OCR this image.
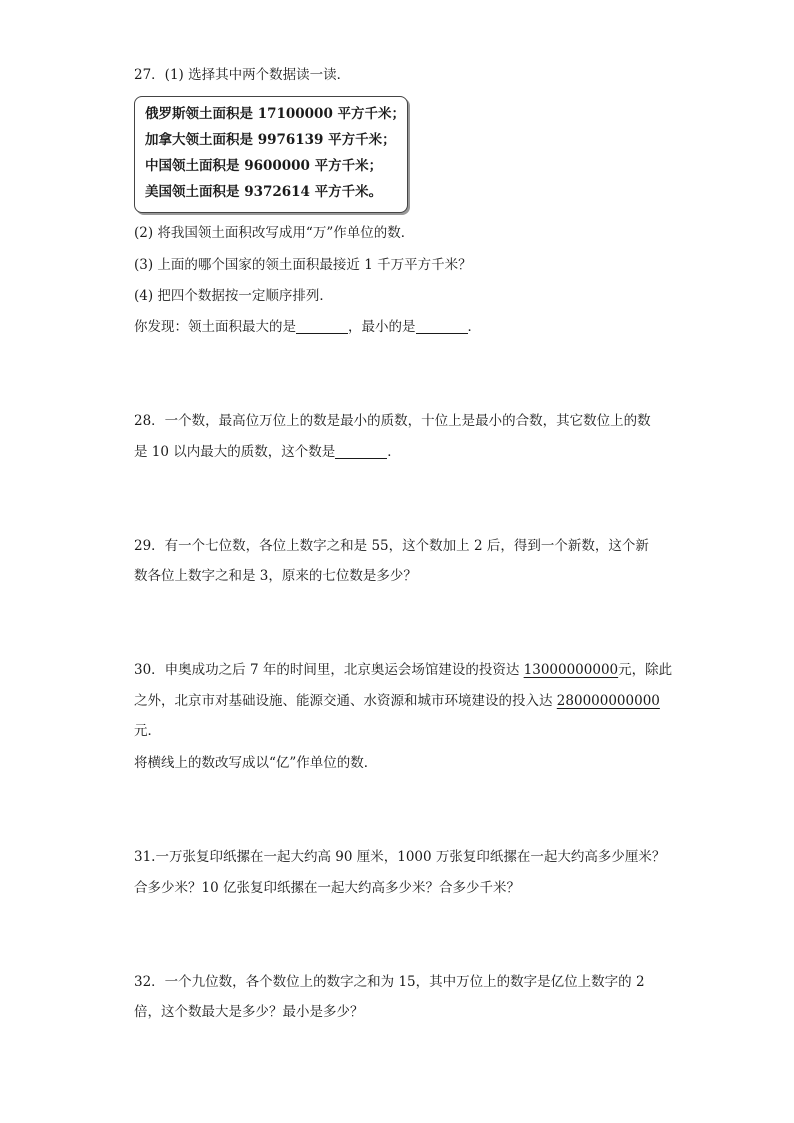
27．(1) 选择其中两个数据读一读．
俄罗斯领土面积是 17100000 平方千米；
加拿大领土面积是 9976139 平方千米；
中国领土面积是 9600000 平方千米；
美国领土面积是 9372614 平方千米。
(2) 将我国领土面积改写成用“万”作单位的数．
(3) 上面的哪个国家的领土面积最接近 1 千万平方千米？
(4) 把四个数据按一定顺序排列．
你发现：领土面积最大的是	，最小的是	．
28．一个数，最高位万位上的数是最小的质数，十位上是最小的合数，其它数位上的数
是 10 以内最大的质数，这个数是	．
29．有一个七位数，各位上数字之和是 55，这个数加上 2 后，得到一个新数，这个新
数各位上数字之和是 3，原来的七位数是多少？
30．申奥成功之后 7 年的时间里，北京奥运会场馆建设的投资达 13000000000元，除此
之外，北京市对基础设施、能源交通、水资源和城市环境建设的投入达 280000000000
元．
将横线上的数改写成以“亿”作单位的数．
31.一万张复印纸摞在一起大约高 90 厘米，1000 万张复印纸摞在一起大约高多少厘米？
合多少米？10 亿张复印纸摞在一起大约高多少米？合多少千米？
32．一个九位数，各个数位上的数字之和为 15，其中万位上的数字是亿位上数字的 2
倍，这个数最大是多少？最小是多少？
